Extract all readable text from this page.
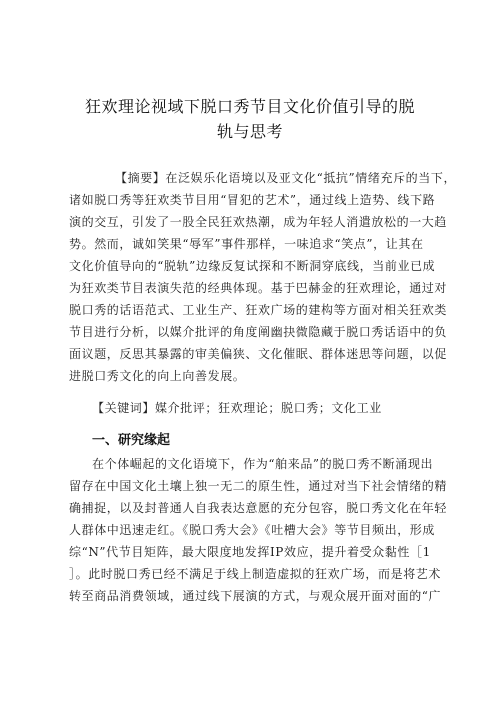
狂欢理论视域下脱口秀节目文化价值引导的脱
轨与思考
【摘要】在泛娱乐化语境以及亚文化“抵抗”情绪充斥的当下，
诸如脱口秀等狂欢类节目用“冒犯的艺术”，通过线上造势、线下路
演的交互，引发了一股全民狂欢热潮，成为年轻人消遣放松的一大趋
势。然而，诚如笑果“辱军”事件那样，一味追求“笑点”，让其在
文化价值导向的“脱轨”边缘反复试探和不断洞穿底线，当前业已成
为狂欢类节目表演失范的经典体现。基于巴赫金的狂欢理论，通过对
脱口秀的话语范式、工业生产、狂欢广场的建构等方面对相关狂欢类
节目进行分析，以媒介批评的角度阐幽抉微隐藏于脱口秀话语中的负
面议题，反思其暴露的审美偏狭、文化催眠、群体迷思等问题，以促
进脱口秀文化的向上向善发展。
【关键词】媒介批评；狂欢理论；脱口秀；文化工业
一、研究缘起
在个体崛起的文化语境下，作为“舶来品”的脱口秀不断涌现出
留存在中国文化土壤上独一无二的原生性，通过对当下社会情绪的精
确捕捉，以及封普通人自我表达意愿的充分包容，脱口秀文化在年轻
人群体中迅速走红。《脱口秀大会》《吐槽大会》等节目频出，形成
综“N”代节目矩阵，最大限度地发挥IP效应，提升着受众黏性［1
］。此时脱口秀已经不满足于线上制造虚拟的狂欢广场，而是将艺术
转至商品消费领域，通过线下展演的方式，与观众展开面对面的“广
